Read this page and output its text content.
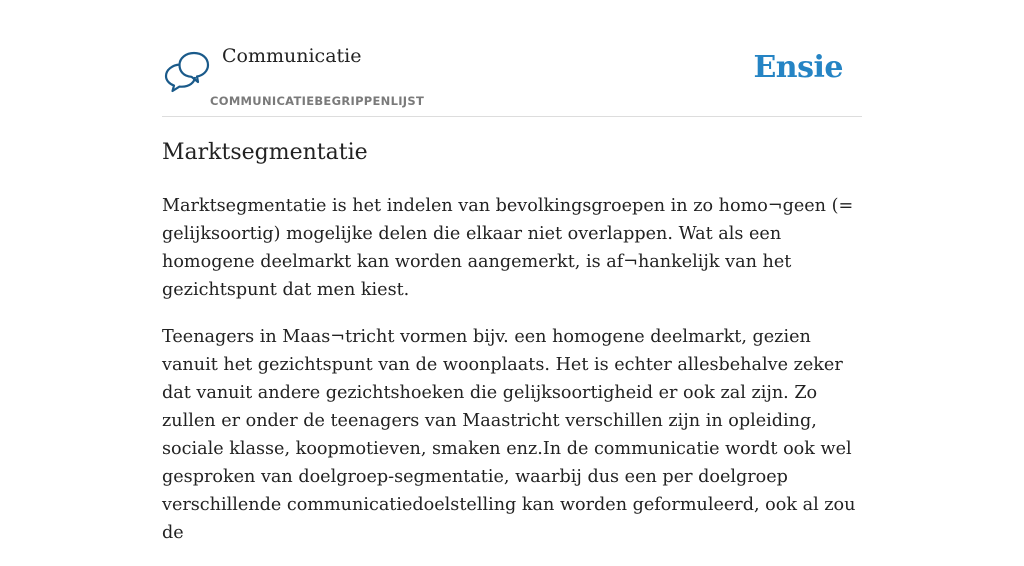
Communicatie
COMMUNICATIEBEGRIPPENLIJST
Ensie
Marktsegmentatie

Marktsegmentatie is het indelen van bevolkingsgroepen in zo homo¬geen (= gelijksoortig) mogelijke delen die elkaar niet overlappen. Wat als een homogene deelmarkt kan worden aangemerkt, is af¬hankelijk van het gezichtspunt dat men kiest.

Teenagers in Maas¬tricht vormen bijv. een homogene deelmarkt, gezien vanuit het gezichtspunt van de woonplaats. Het is echter allesbehalve zeker dat vanuit andere gezichtshoeken die gelijksoortigheid er ook zal zijn. Zo zullen er onder de teenagers van Maastricht verschillen zijn in opleiding, sociale klasse, koopmotieven, smaken enz.In de communicatie wordt ook wel gesproken van doelgroep-segmentatie, waarbij dus een per doelgroep verschillende communicatiedoelstelling kan worden geformuleerd, ook al zou de
